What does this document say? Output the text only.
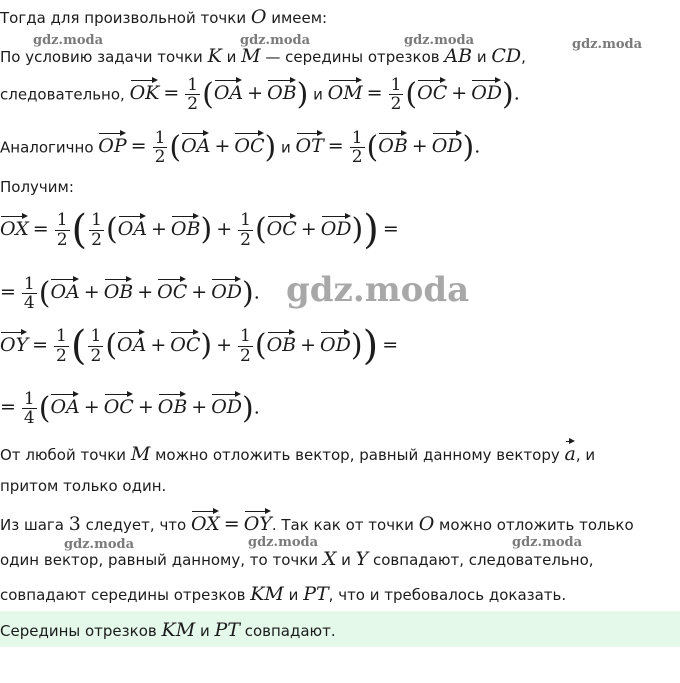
gdz.moda	gdz.moda	gdz.moda	gdz.moda
gdz.moda
gdz.moda	gdz.moda	gdz.moda
Тогда для произвольной точки O имеем:
По условию задачи точки K и M — середины отрезков AB и CD,
следовательно, OK = $\frac{1}{2} (OA + OB)$ и OM = $\frac{1}{2} (OC + OD)$.
Аналогично OP = $\frac{1}{2} (OA + OC)$ и OT = $\frac{1}{2} (OB + OD)$.
Получим:
OX = $\frac{1}{2}$ ( $\frac{1}{2} (OA + OB) + \frac{1}{2} (OC + OD)$) =
= $\frac{1}{4} (OA$ + OB + OC + OD).
OY = $\frac{1}{2}$ ( $\frac{1}{2} (OA + OC) + \frac{1}{2} (OB + OD)$) =
= $\frac{1}{4} (OA$ + OC + OB + OD).
От любой точки M можно отложить вектор, равный данному вектору a, и
притом только один.
Из шага 3 следует, что OX = OY. Так как от точки O можно отложить только
один вектор, равный данному, то точки X и Y совпадают, следовательно,
совпадают середины отрезков KM и PT, что и требовалось доказать.
Середины отрезков KM и PT совпадают.
